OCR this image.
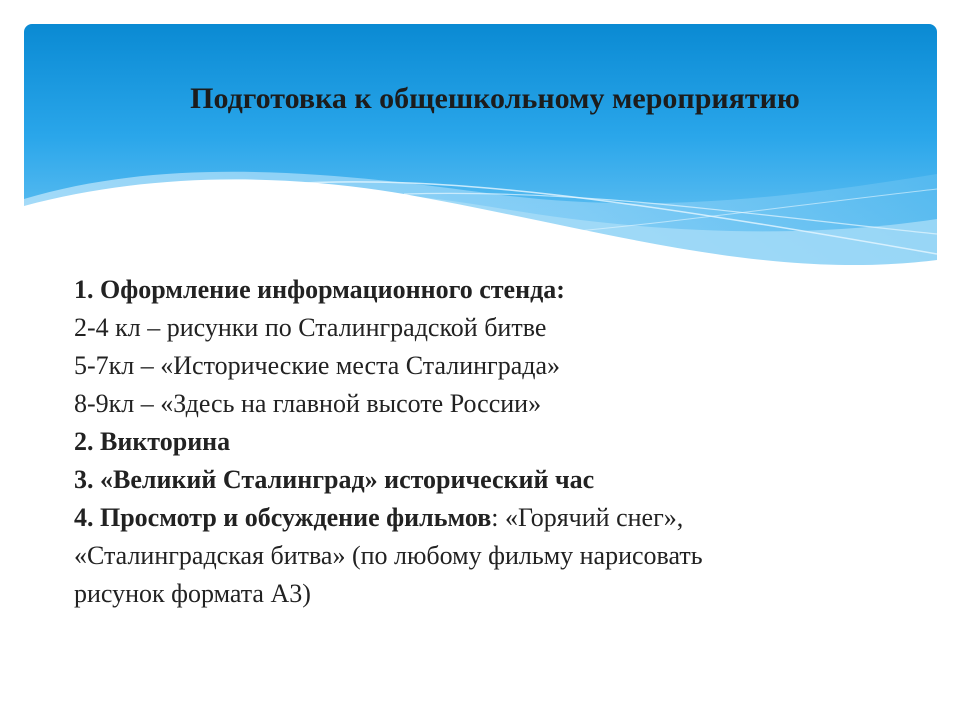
Подготовка к общешкольному мероприятию
1. Оформление информационного стенда:
2-4 кл – рисунки по Сталинградской битве
5-7кл – «Исторические места Сталинграда»
8-9кл – «Здесь на главной высоте России»
2. Викторина
3. «Великий Сталинград» исторический час
4. Просмотр и обсуждение фильмов: «Горячий снег»,
«Сталинградская битва» (по любому фильму нарисовать
рисунок формата А3)
